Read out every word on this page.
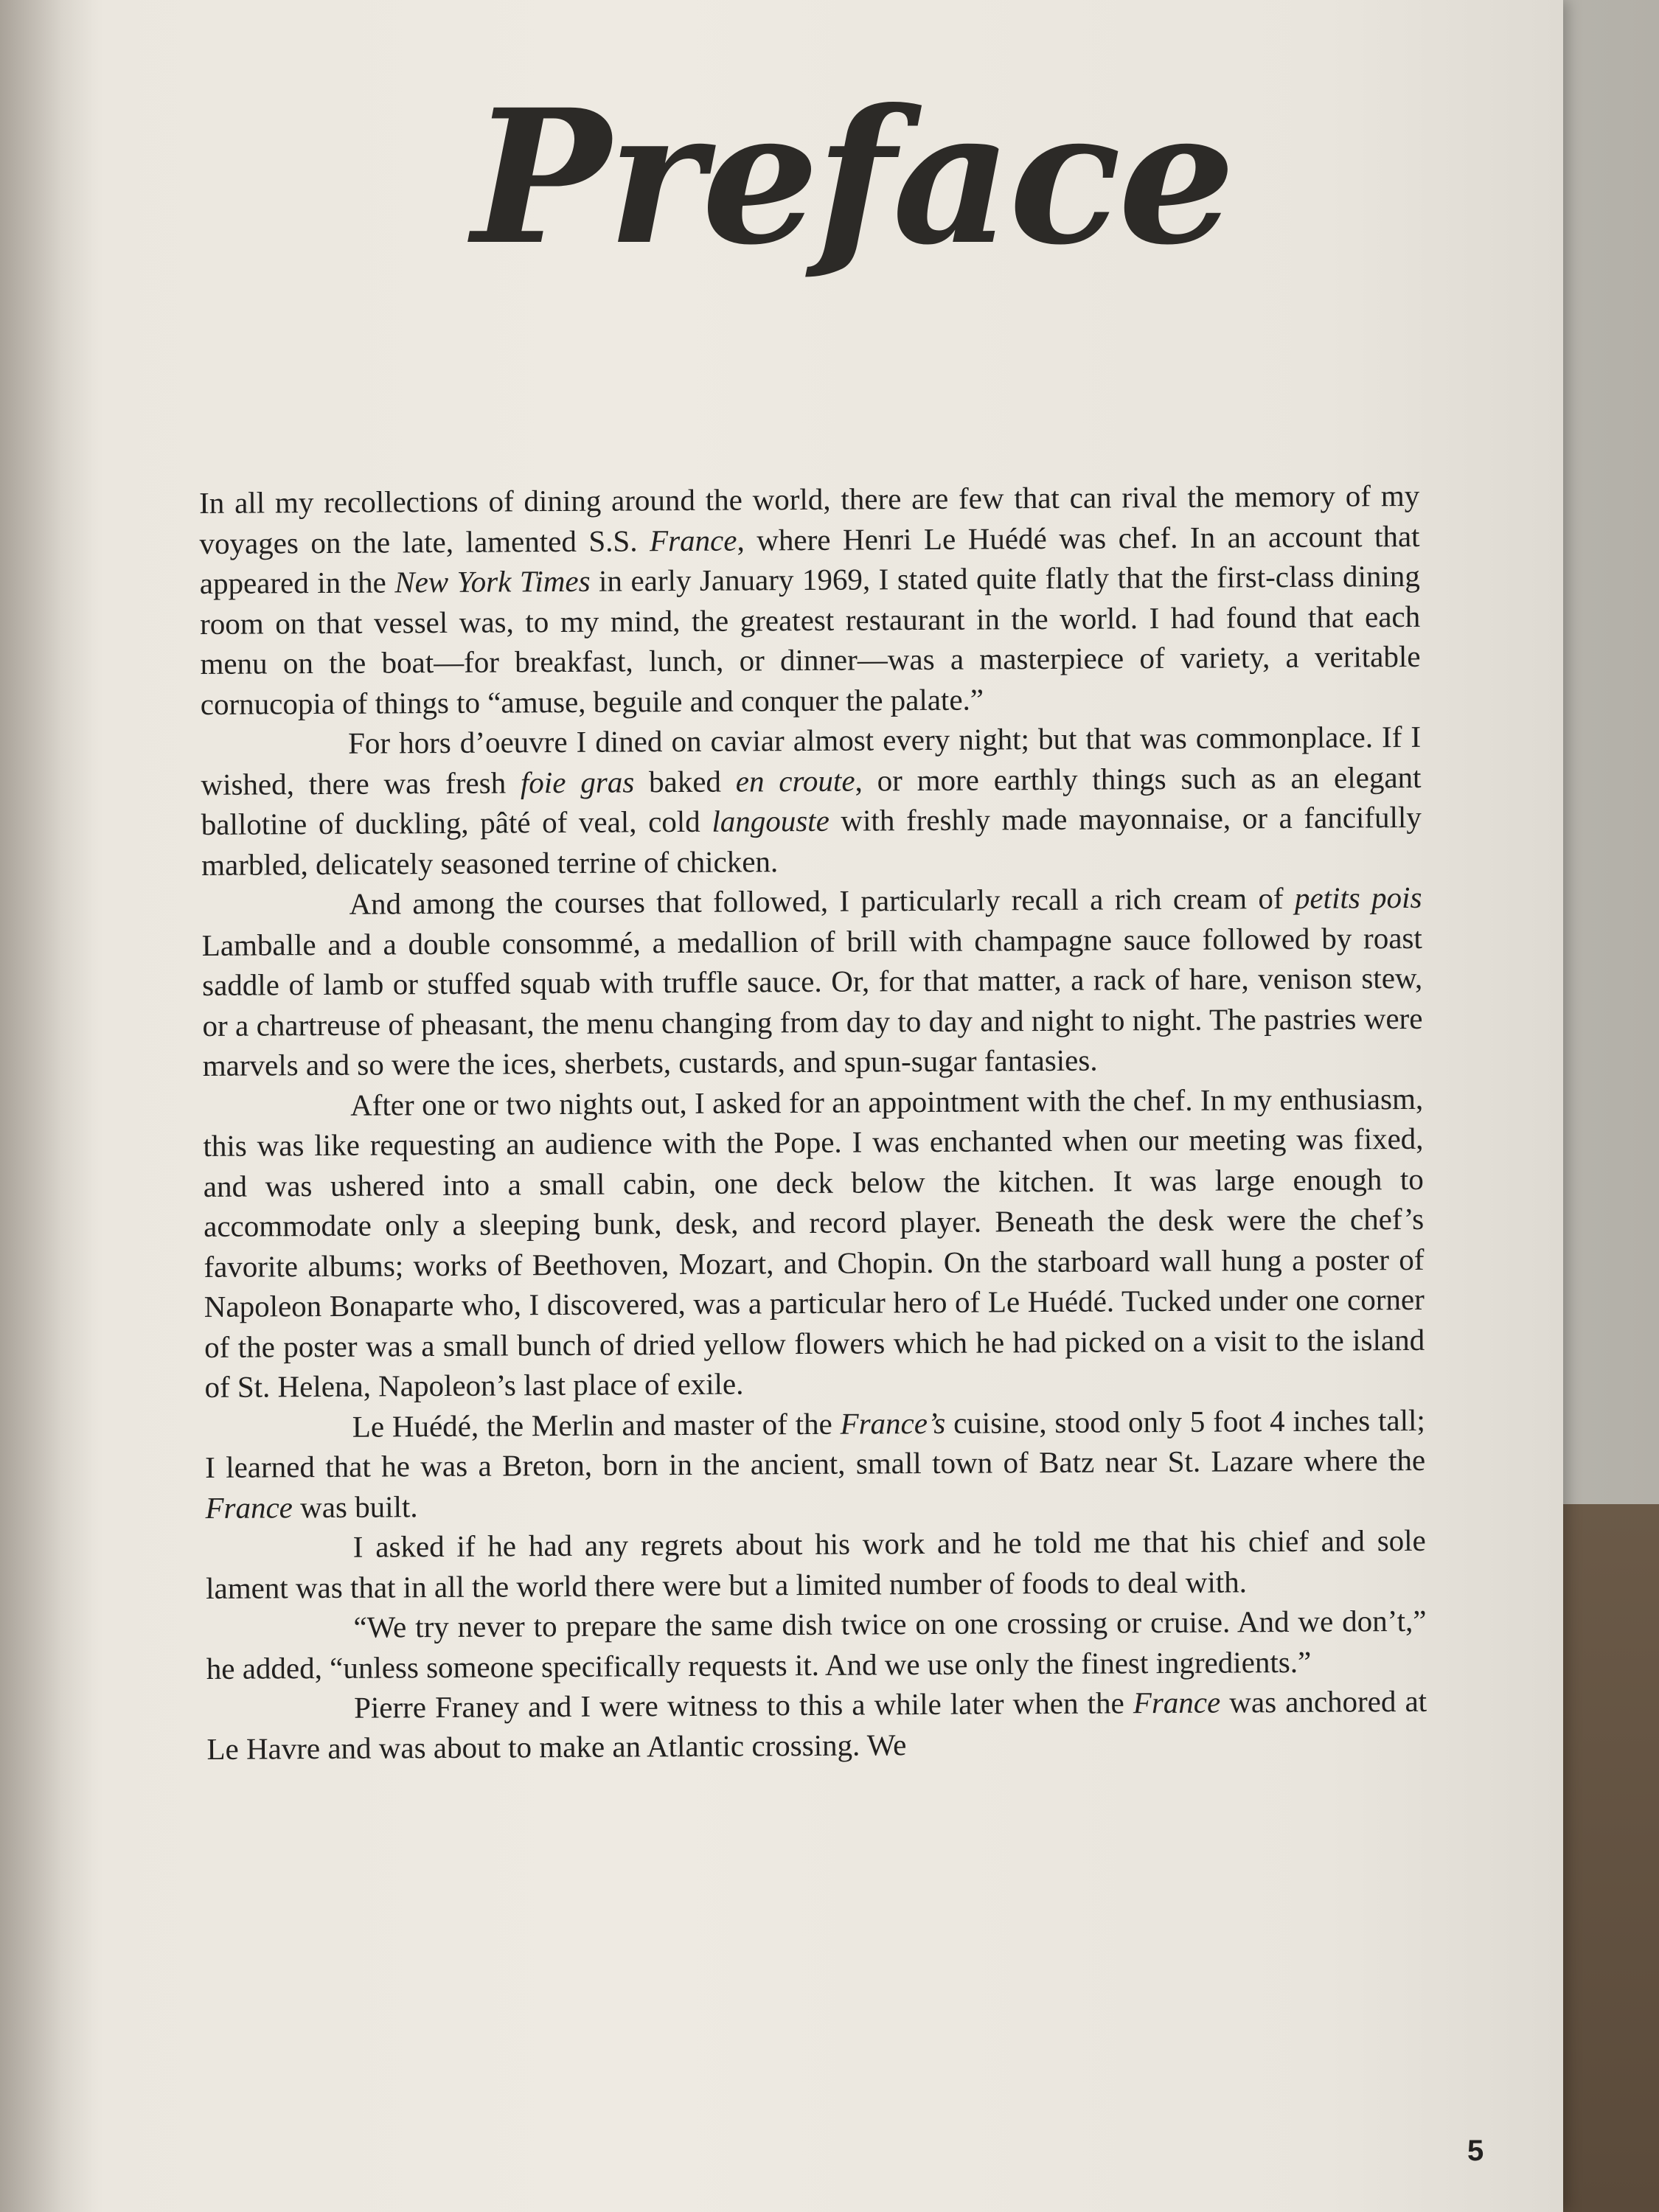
Preface

In all my recollections of dining around the world, there are few that can rival the memory of my voyages on the late, lamented S.S. France, where Henri Le Huédé was chef. In an account that appeared in the New York Times in early January 1969, I stated quite flatly that the first-class dining room on that vessel was, to my mind, the greatest restaurant in the world. I had found that each menu on the boat—for breakfast, lunch, or dinner—was a masterpiece of variety, a veritable cornucopia of things to “amuse, beguile and conquer the palate.”

For hors d’oeuvre I dined on caviar almost every night; but that was commonplace. If I wished, there was fresh foie gras baked en croute, or more earthly things such as an elegant ballotine of duckling, pâté of veal, cold langouste with freshly made mayonnaise, or a fancifully marbled, delicately seasoned terrine of chicken.

And among the courses that followed, I particularly recall a rich cream of petits pois Lamballe and a double consommé, a medallion of brill with champagne sauce followed by roast saddle of lamb or stuffed squab with truffle sauce. Or, for that matter, a rack of hare, venison stew, or a chartreuse of pheasant, the menu changing from day to day and night to night. The pastries were marvels and so were the ices, sherbets, custards, and spun-sugar fantasies.

After one or two nights out, I asked for an appointment with the chef. In my enthusiasm, this was like requesting an audience with the Pope. I was enchanted when our meeting was fixed, and was ushered into a small cabin, one deck below the kitchen. It was large enough to accommodate only a sleeping bunk, desk, and record player. Beneath the desk were the chef’s favorite albums; works of Beethoven, Mozart, and Chopin. On the starboard wall hung a poster of Napoleon Bonaparte who, I discovered, was a particular hero of Le Huédé. Tucked under one corner of the poster was a small bunch of dried yellow flowers which he had picked on a visit to the island of St. Helena, Napoleon’s last place of exile.

Le Huédé, the Merlin and master of the France’s cuisine, stood only 5 foot 4 inches tall; I learned that he was a Breton, born in the ancient, small town of Batz near St. Lazare where the France was built.

I asked if he had any regrets about his work and he told me that his chief and sole lament was that in all the world there were but a limited number of foods to deal with.

“We try never to prepare the same dish twice on one crossing or cruise. And we don’t,” he added, “unless someone specifically requests it. And we use only the finest ingredients.”

Pierre Franey and I were witness to this a while later when the France was anchored at Le Havre and was about to make an Atlantic crossing. We

5
